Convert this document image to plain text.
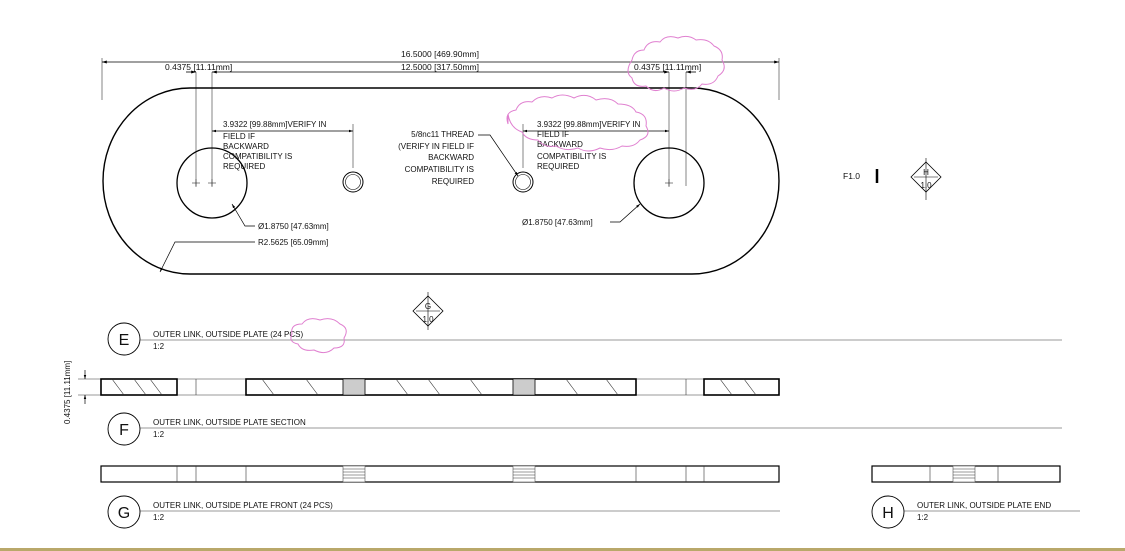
16.5000 [469.90mm]
12.5000 [317.50mm]
0.4375 [11.11mm]	0.4375 [11.11mm]
3.9322 [99.88mm]VERIFY IN
FIELD IF
BACKWARD
COMPATIBILITY IS
REQUIRED
3.9322 [99.88mm]VERIFY IN
FIELD IF
BACKWARD
COMPATIBILITY IS
REQUIRED
5/8nc11 THREAD
(VERIFY IN FIELD IF
BACKWARD
COMPATIBILITY IS
REQUIRED
Ø1.8750 [47.63mm]	Ø1.8750 [47.63mm]
R2.5625 [65.09mm]
F1.0	H
1.0
G
1.0
E	OUTER LINK, OUTSIDE PLATE (24 PCS)
1:2
0.4375 [11.11mm]
F	OUTER LINK, OUTSIDE PLATE SECTION
1:2
G	OUTER LINK, OUTSIDE PLATE FRONT (24 PCS)
1:2	H	OUTER LINK, OUTSIDE PLATE END
1:2
